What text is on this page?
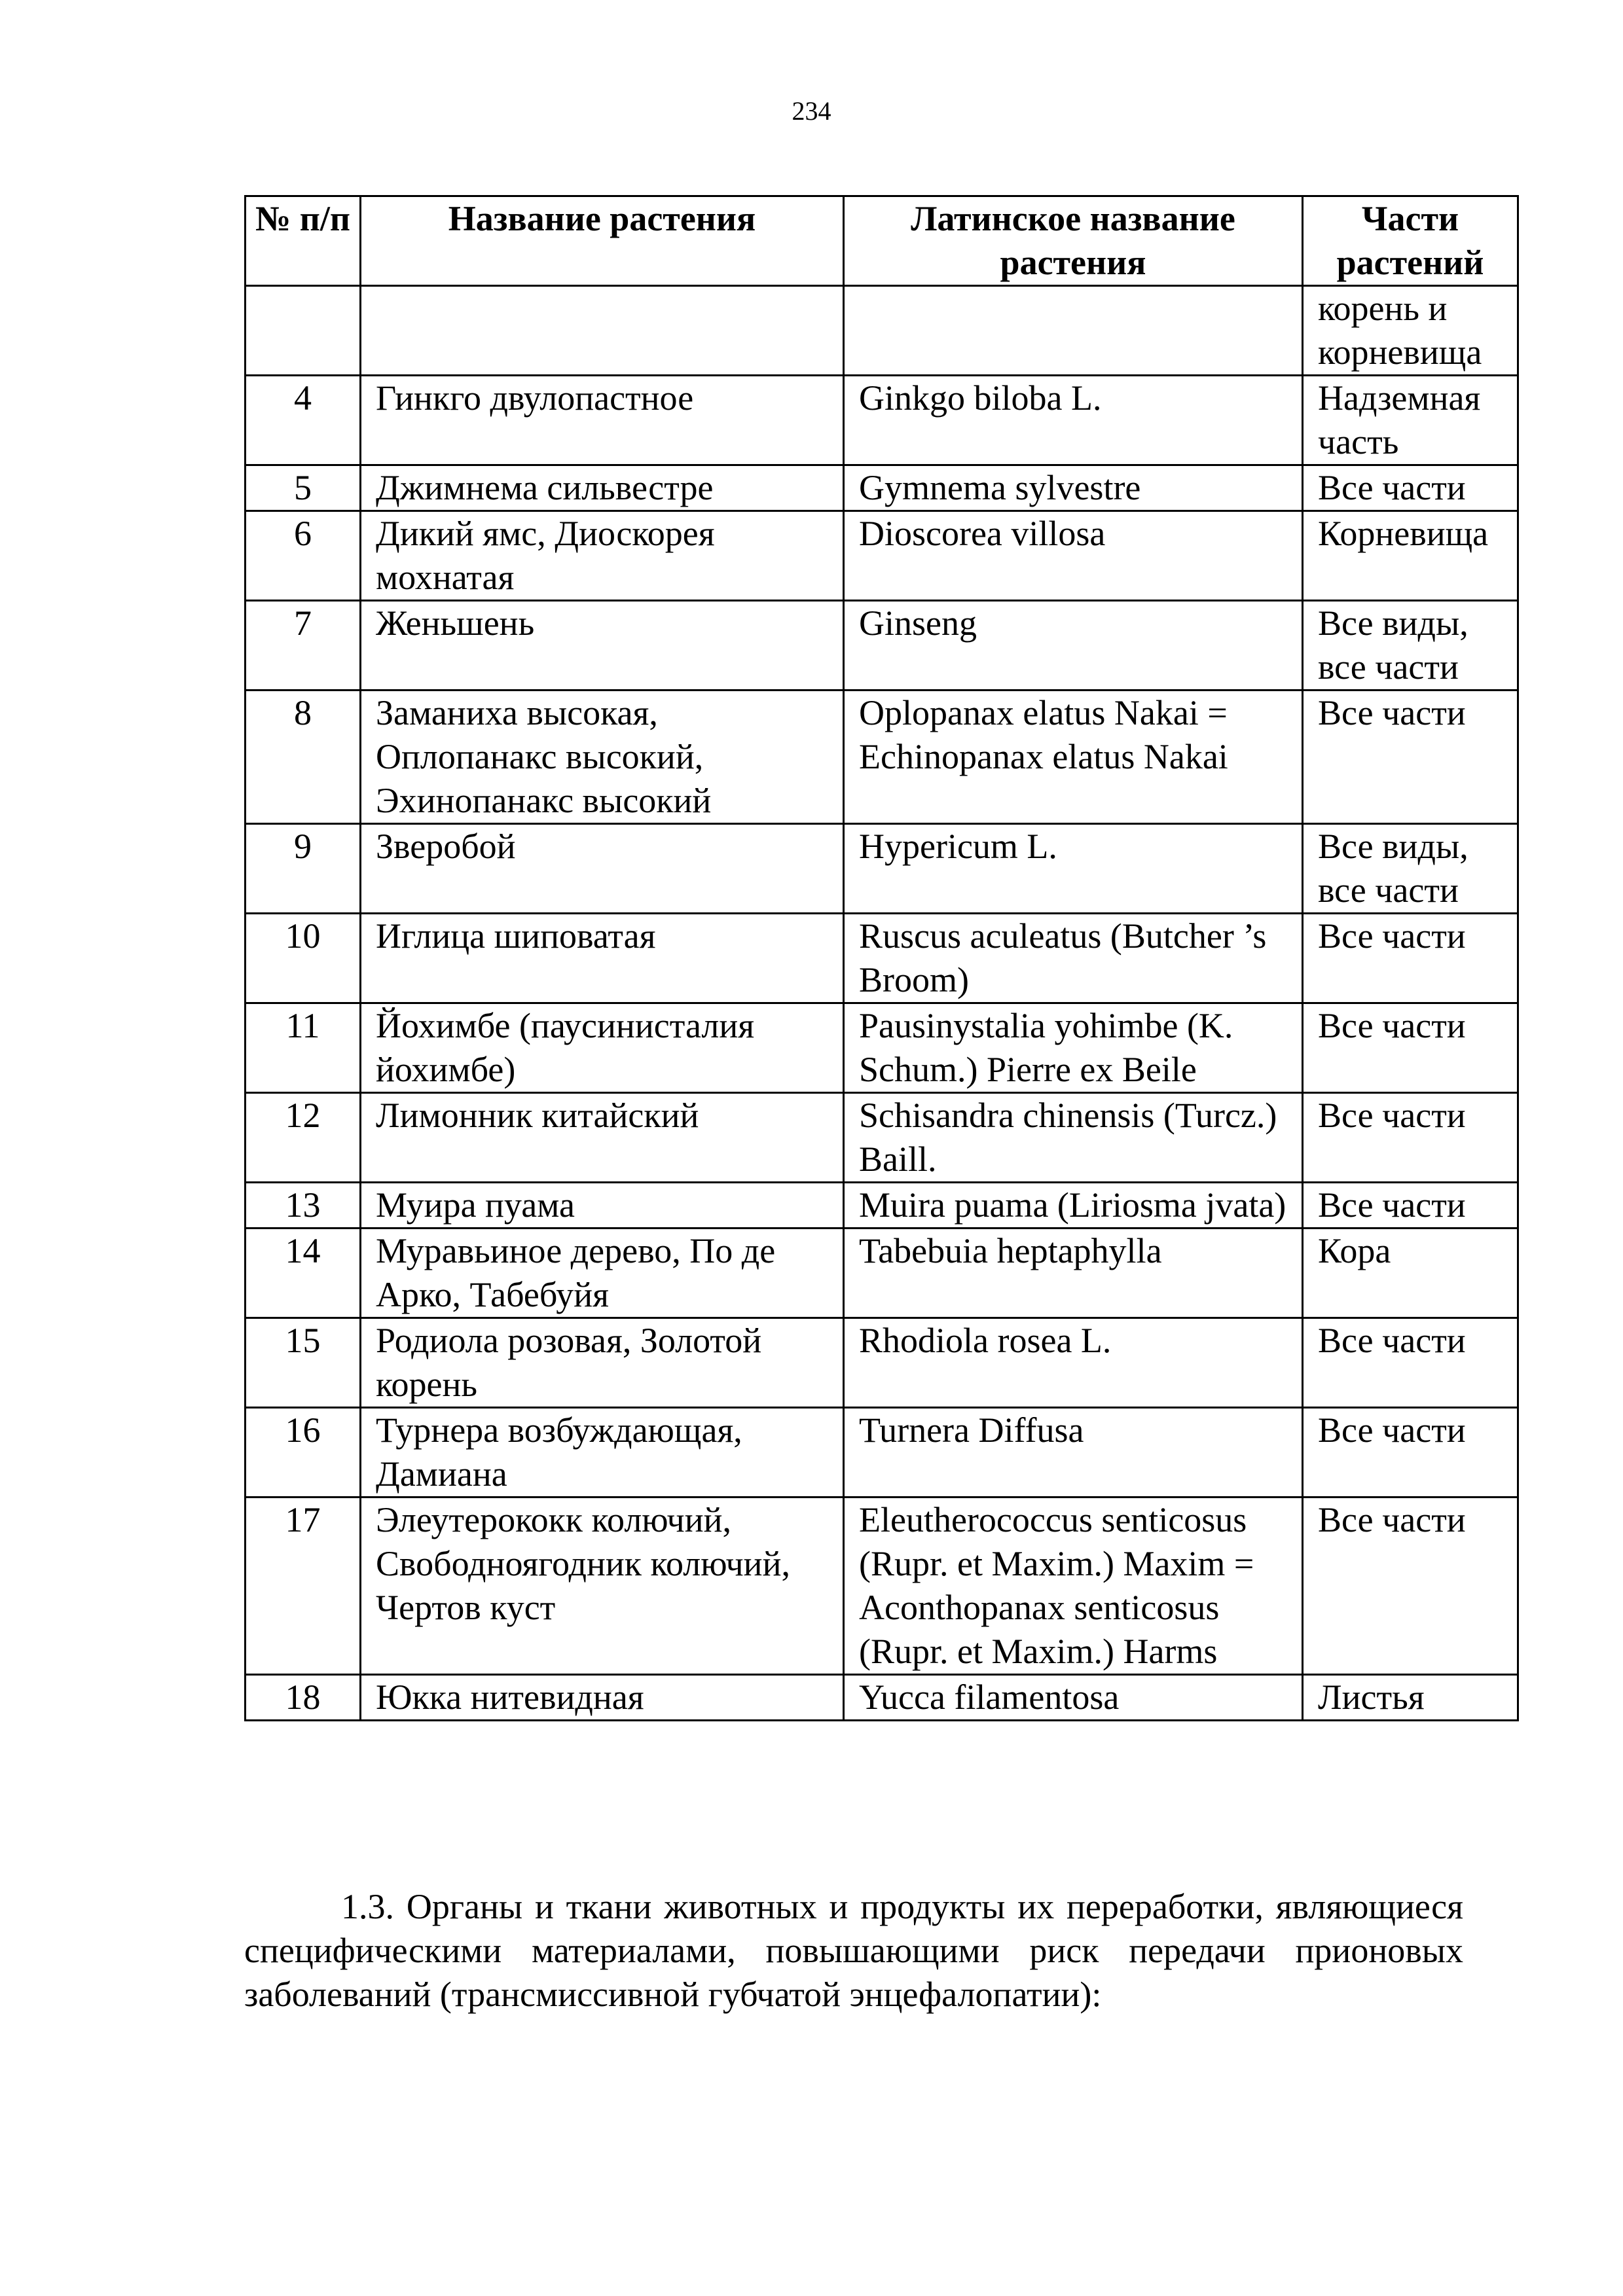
234
№ п/п	Название растения	Латинское название растения	Части растений
			корень и корневища
4	Гинкго двулопастное	Ginkgo biloba L.	Надземная часть
5	Джимнема сильвестре	Gymnema sylvestre	Все части
6	Дикий ямс, Диоскорея мохнатая	Dioscorea villosa	Корневища
7	Женьшень	Ginseng	Все виды, все части
8	Заманиха высокая, Оплопанакс высокий, Эхинопанакс высокий	Oplopanax elatus Nakai = Echinopanax elatus Nakai	Все части
9	Зверобой	Hypericum L.	Все виды, все части
10	Иглица шиповатая	Ruscus aculeatus (Butcher ’s Broom)	Все части
11	Йохимбе (паусинисталия йохимбе)	Pausinystalia yohimbe (K. Schum.) Pierre ex Beile	Все части
12	Лимонник китайский	Schisandra chinensis (Turcz.) Baill.	Все части
13	Муира пуама	Muira puama (Liriosma jvata)	Все части
14	Муравьиное дерево, По де Арко, Табебуйя	Tabebuia heptaphylla	Кора
15	Родиола розовая, Золотой корень	Rhodiola rosea L.	Все части
16	Турнера возбуждающая, Дамиана	Turnera Diffusa	Все части
17	Элеутерококк колючий, Свободноягодник колючий, Чертов куст	Eleutherococcus senticosus (Rupr. et Maxim.) Maxim = Aconthopanax senticosus (Rupr. et Maxim.) Harms	Все части
18	Юкка нитевидная	Yucca filamentosa	Листья

1.3. Органы и ткани животных и продукты их переработки, являющиеся специфическими материалами, повышающими риск передачи прионовых заболеваний (трансмиссивной губчатой энцефалопатии):
